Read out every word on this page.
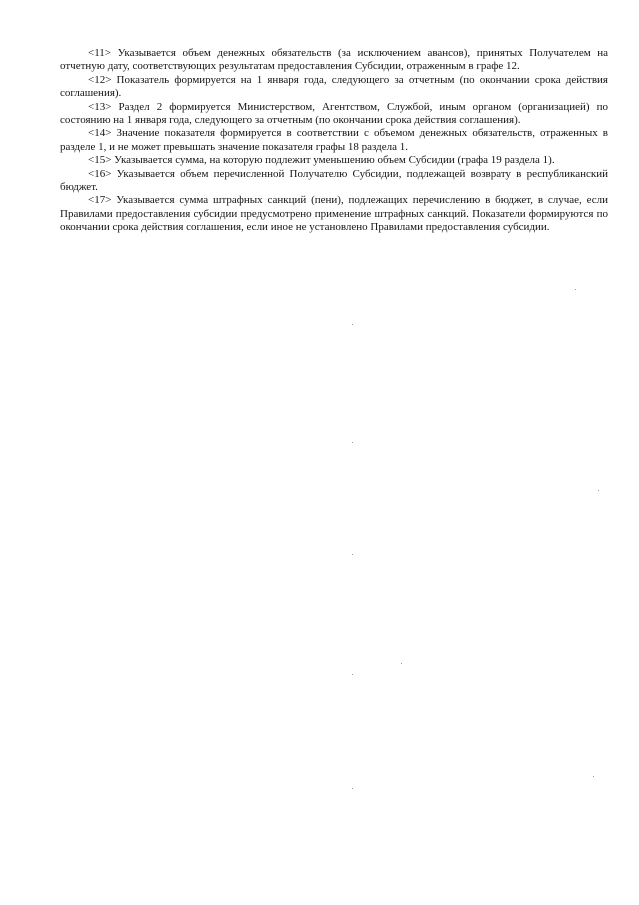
<11> Указывается объем денежных обязательств (за исключением авансов), принятых Получателем на отчетную дату, соответствующих результатам предоставления Субсидии, отраженным в графе 12.

<12> Показатель формируется на 1 января года, следующего за отчетным (по окончании срока действия соглашения).

<13> Раздел 2 формируется Министерством, Агентством, Службой, иным органом (организацией) по состоянию на 1 января года, следующего за отчетным (по окончании срока действия соглашения).

<14> Значение показателя формируется в соответствии с объемом денежных обязательств, отраженных в разделе 1, и не может превышать значение показателя графы 18 раздела 1.

<15> Указывается сумма, на которую подлежит уменьшению объем Субсидии (графа 19 раздела 1).

<16> Указывается объем перечисленной Получателю Субсидии, подлежащей возврату в республиканский бюджет.

<17> Указывается сумма штрафных санкций (пени), подлежащих перечислению в бюджет, в случае, если Правилами предоставления субсидии предусмотрено применение штрафных санкций. Показатели формируются по окончании срока действия соглашения, если иное не установлено Правилами предоставления субсидии.
